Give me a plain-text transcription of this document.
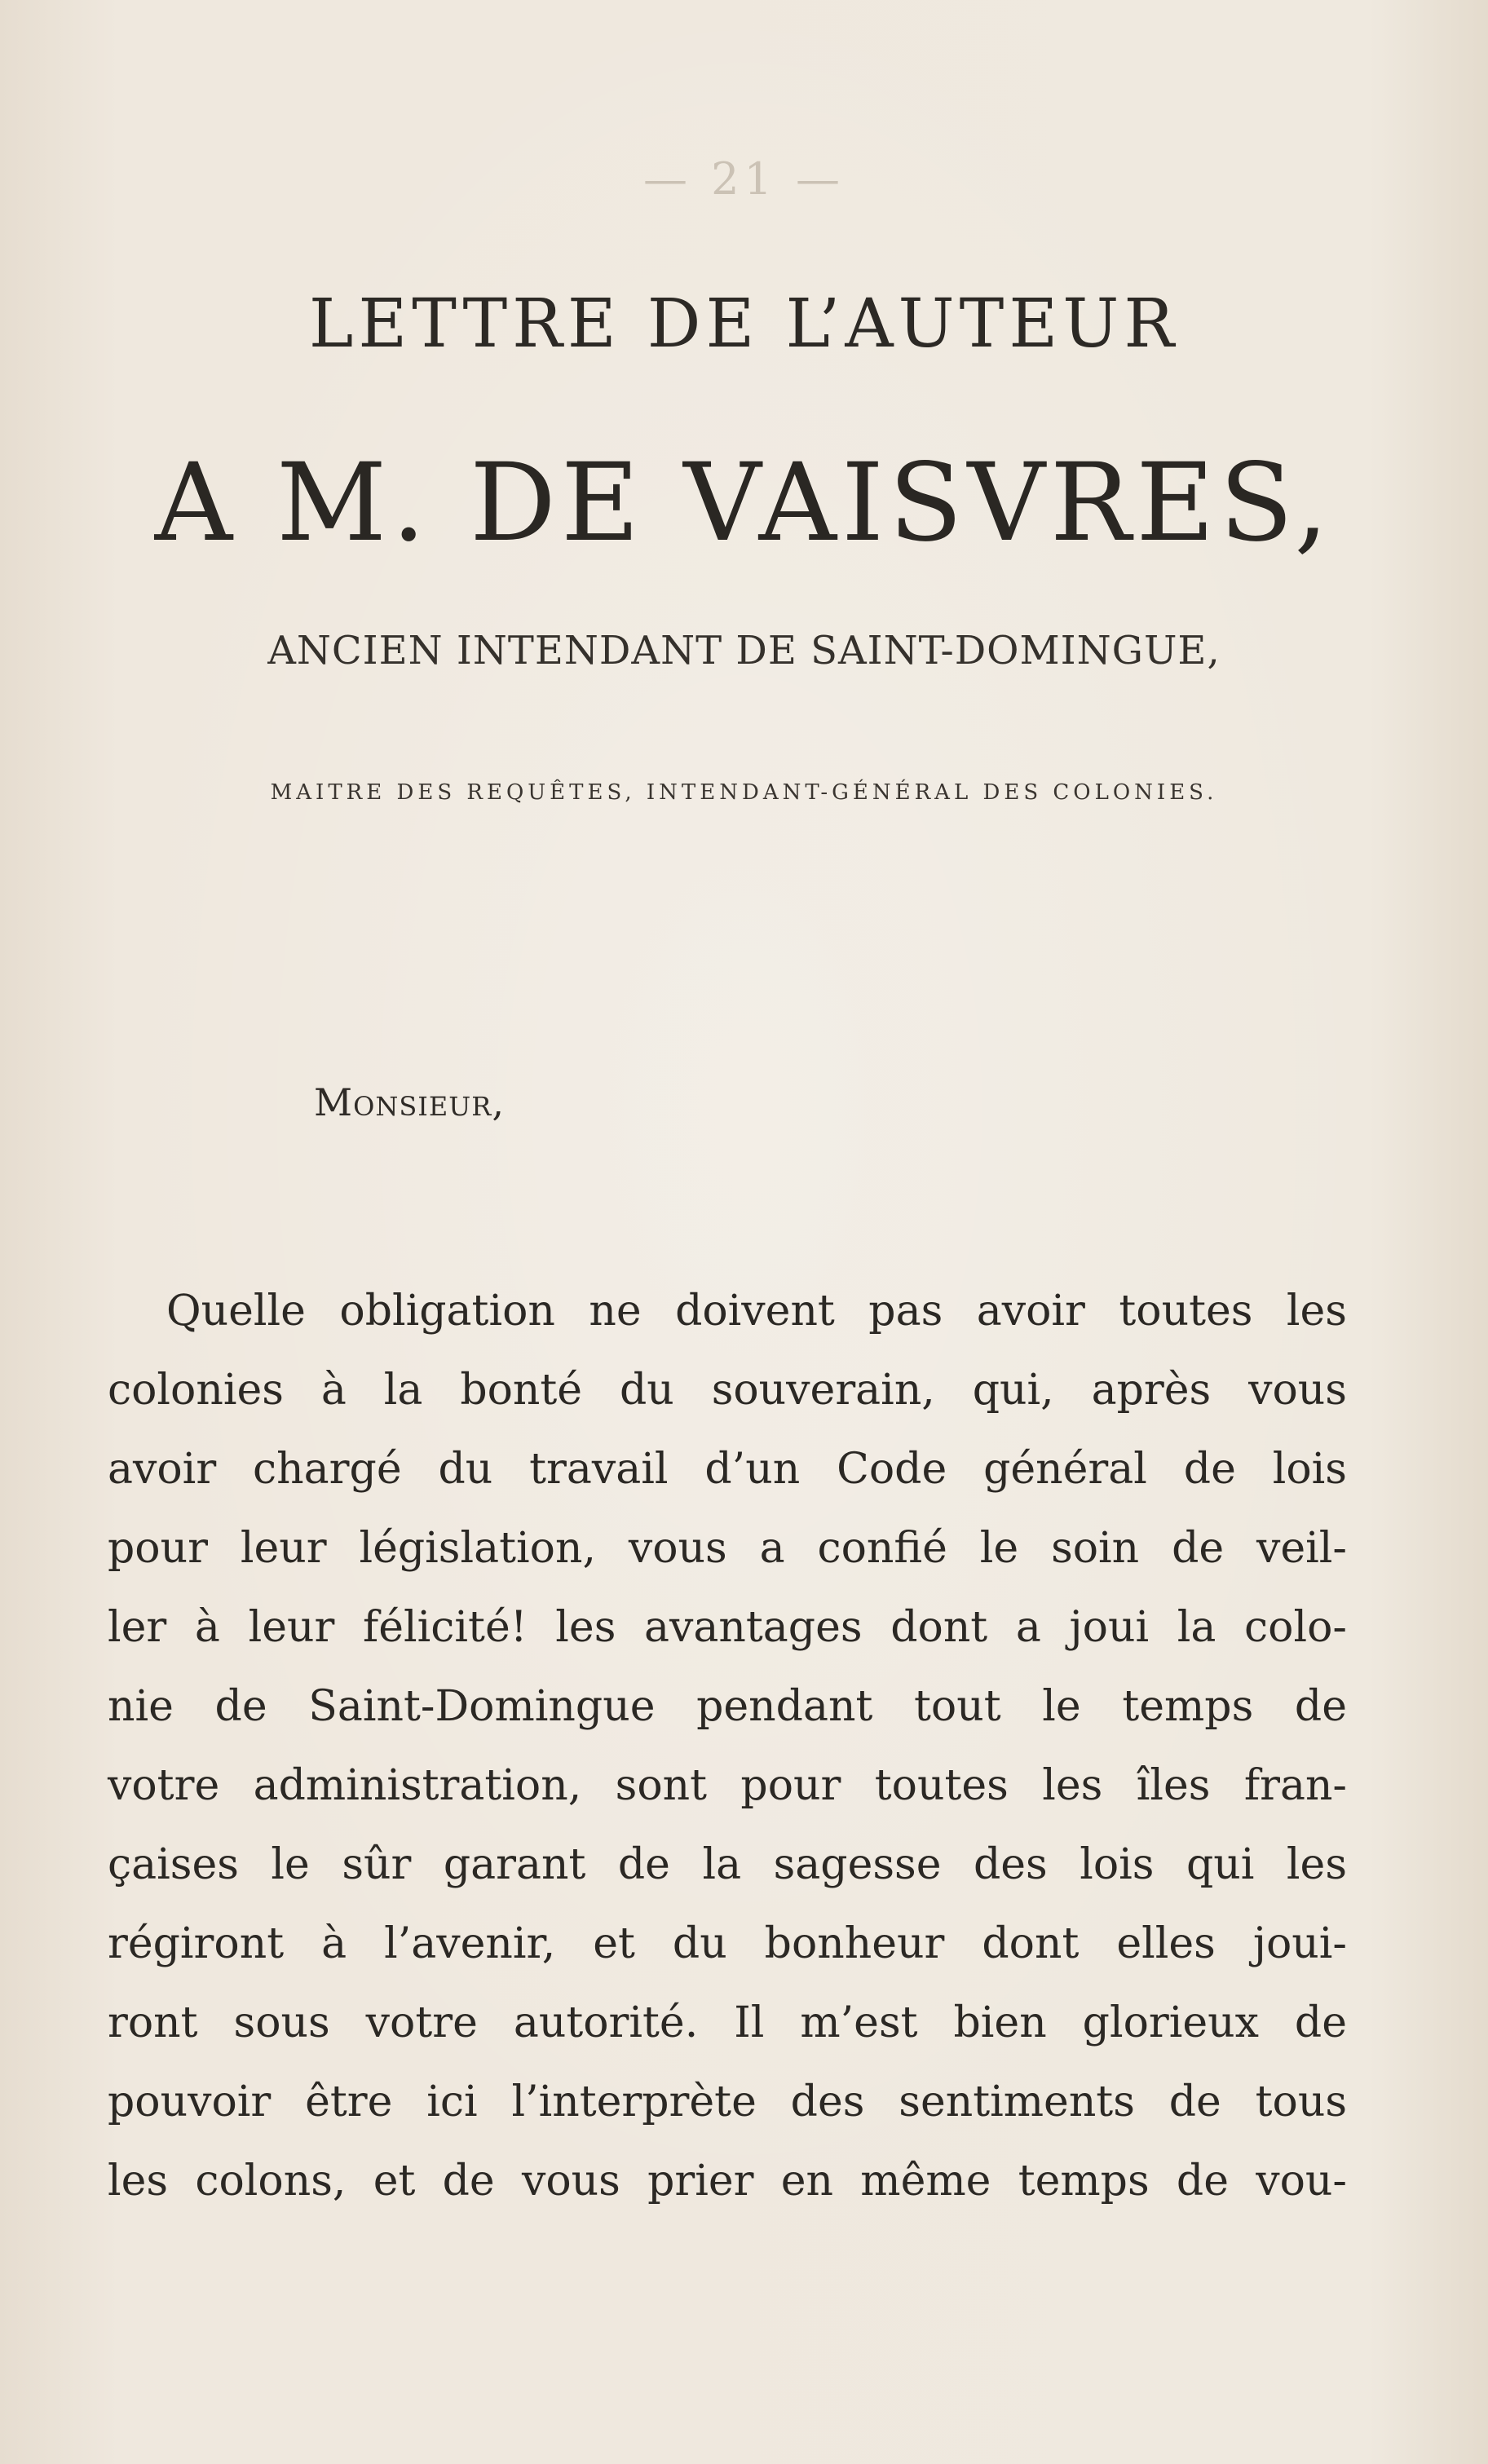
— 21 —
LETTRE DE L’AUTEUR
A M. DE VAISVRES,
ANCIEN INTENDANT DE SAINT-DOMINGUE,
MAITRE DES REQUÊTES, INTENDANT-GÉNÉRAL DES COLONIES.
Monsieur,

Quelle obligation ne doivent pas avoir toutes les
colonies à la bonté du souverain, qui, après vous
avoir chargé du travail d’un Code général de lois
pour leur législation, vous a confié le soin de veil-
ler à leur félicité! les avantages dont a joui la colo-
nie de Saint-Domingue pendant tout le temps de
votre administration, sont pour toutes les îles fran-
çaises le sûr garant de la sagesse des lois qui les
régiront à l’avenir, et du bonheur dont elles joui-
ront sous votre autorité. Il m’est bien glorieux de
pouvoir être ici l’interprète des sentiments de tous
les colons, et de vous prier en même temps de vou-
